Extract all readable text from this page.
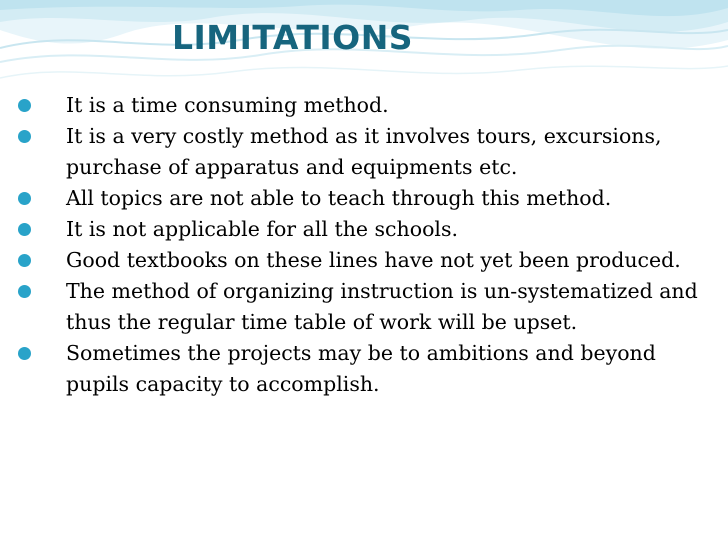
LIMITATIONS
It is a time consuming method.
It is a very costly method as it involves tours, excursions, purchase of apparatus and equipments etc.
All topics are not able to teach through this method.
It is not applicable for all the schools.
Good textbooks on these lines have not yet been produced.
The method of organizing instruction is un-systematized and thus the regular time table of work will be upset.
Sometimes the projects may be to ambitions and beyond pupils capacity to accomplish.
